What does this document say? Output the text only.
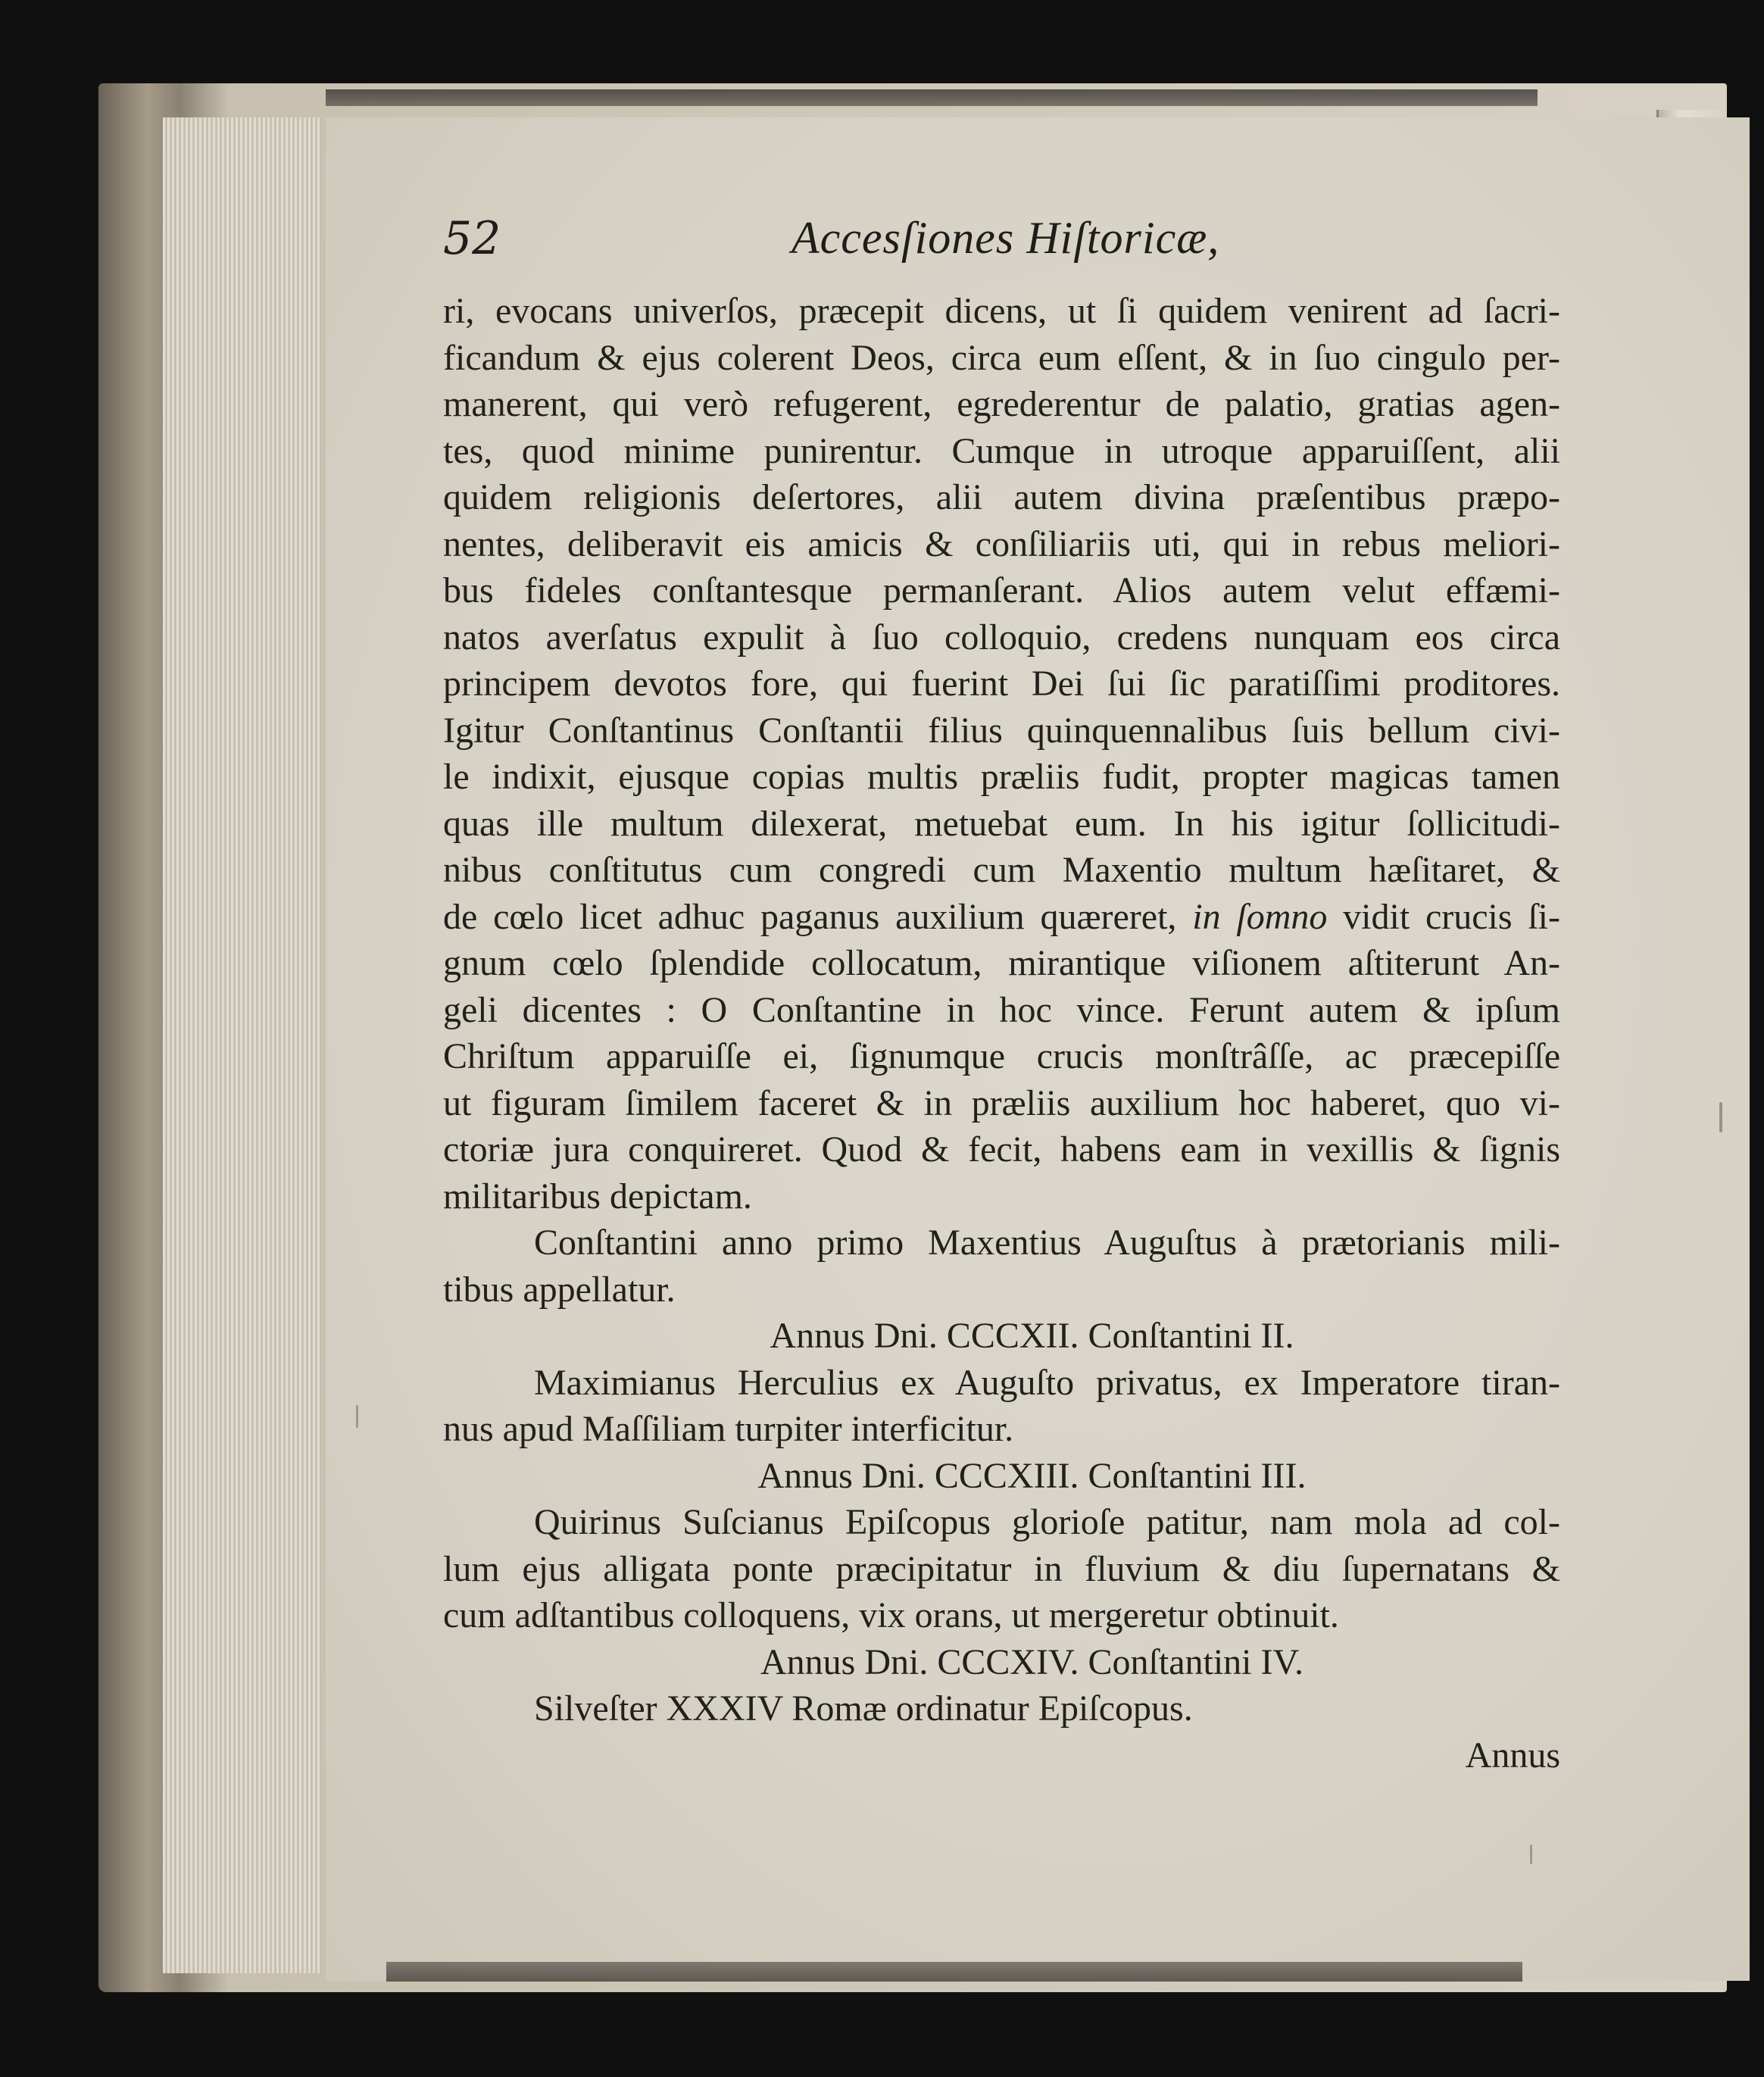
52	Accesſiones Hiſtoricæ,
ri, evocans univerſos, præcepit dicens, ut ſi quidem venirent ad ſacri-
ficandum & ejus colerent Deos, circa eum eſſent, & in ſuo cingulo per-
manerent, qui verò refugerent, egrederentur de palatio, gratias agen-
tes, quod minime punirentur. Cumque in utroque apparuiſſent, alii
quidem religionis deſertores, alii autem divina præſentibus præpo-
nentes, deliberavit eis amicis & conſiliariis uti, qui in rebus meliori-
bus fideles conſtantesque permanſerant. Alios autem velut effæmi-
natos averſatus expulit à ſuo colloquio, credens nunquam eos circa
principem devotos fore, qui fuerint Dei ſui ſic paratiſſimi proditores.
Igitur Conſtantinus Conſtantii filius quinquennalibus ſuis bellum civi-
le indixit, ejusque copias multis præliis fudit, propter magicas tamen
quas ille multum dilexerat, metuebat eum. In his igitur ſollicitudi-
nibus conſtitutus cum congredi cum Maxentio multum hæſitaret, &
de cœlo licet adhuc paganus auxilium quæreret, in ſomno vidit crucis ſi-
gnum cœlo ſplendide collocatum, mirantique viſionem aſtiterunt An-
geli dicentes : O Conſtantine in hoc vince. Ferunt autem & ipſum
Chriſtum apparuiſſe ei, ſignumque crucis monſtrâſſe, ac præcepiſſe
ut figuram ſimilem faceret & in præliis auxilium hoc haberet, quo vi-
ctoriæ jura conquireret. Quod & fecit, habens eam in vexillis & ſignis
militaribus depictam.
Conſtantini anno primo Maxentius Auguſtus à prætorianis mili-
tibus appellatur.
Annus Dni. CCCXII. Conſtantini II.
Maximianus Herculius ex Auguſto privatus, ex Imperatore tiran-
nus apud Maſſiliam turpiter interficitur.
Annus Dni. CCCXIII. Conſtantini III.
Quirinus Suſcianus Epiſcopus glorioſe patitur, nam mola ad col-
lum ejus alligata ponte præcipitatur in fluvium & diu ſupernatans &
cum adſtantibus colloquens, vix orans, ut mergeretur obtinuit.
Annus Dni. CCCXIV. Conſtantini IV.
Silveſter XXXIV Romæ ordinatur Epiſcopus.
Annus
